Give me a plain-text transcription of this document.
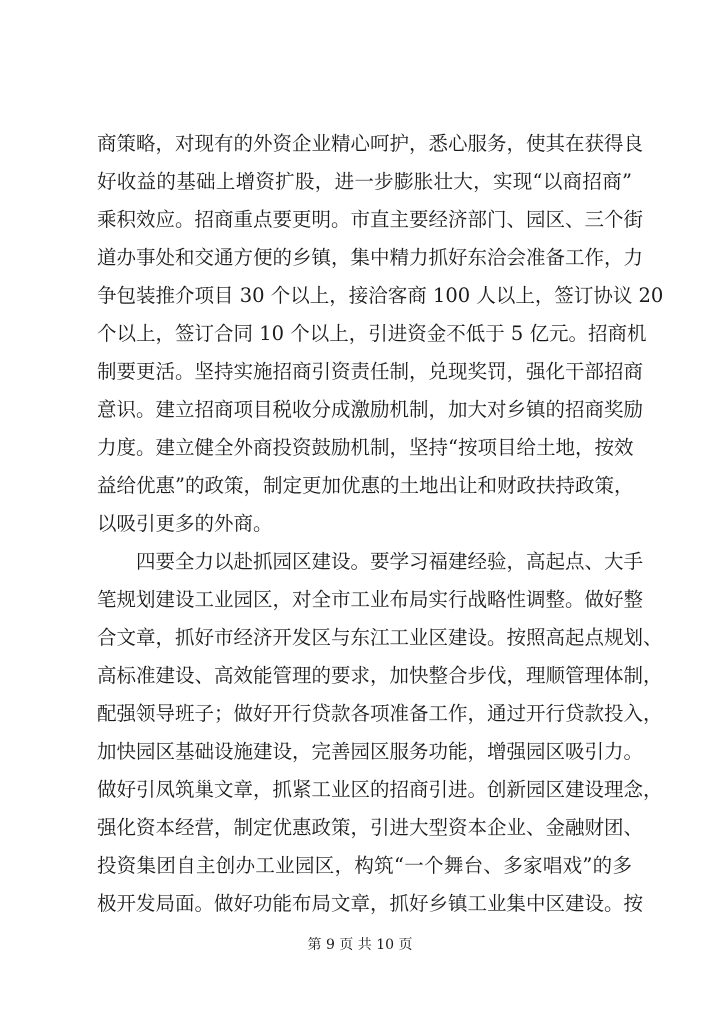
商策略，对现有的外资企业精心呵护，悉心服务，使其在获得良
好收益的基础上增资扩股，进一步膨胀壮大，实现“以商招商”
乘积效应。招商重点要更明。市直主要经济部门、园区、三个街
道办事处和交通方便的乡镇，集中精力抓好东洽会准备工作，力
争包装推介项目 30 个以上，接洽客商 100 人以上，签订协议 20
个以上，签订合同 10 个以上，引进资金不低于 5 亿元。招商机
制要更活。坚持实施招商引资责任制，兑现奖罚，强化干部招商
意识。建立招商项目税收分成激励机制，加大对乡镇的招商奖励
力度。建立健全外商投资鼓励机制，坚持“按项目给土地，按效
益给优惠”的政策，制定更加优惠的土地出让和财政扶持政策，
以吸引更多的外商。
四要全力以赴抓园区建设。要学习福建经验，高起点、大手
笔规划建设工业园区，对全市工业布局实行战略性调整。做好整
合文章，抓好市经济开发区与东江工业区建设。按照高起点规划、
高标准建设、高效能管理的要求，加快整合步伐，理顺管理体制，
配强领导班子；做好开行贷款各项准备工作，通过开行贷款投入，
加快园区基础设施建设，完善园区服务功能，增强园区吸引力。
做好引凤筑巢文章，抓紧工业区的招商引进。创新园区建设理念，
强化资本经营，制定优惠政策，引进大型资本企业、金融财团、
投资集团自主创办工业园区，构筑“一个舞台、多家唱戏”的多
极开发局面。做好功能布局文章，抓好乡镇工业集中区建设。按
第 9 页 共 10 页
